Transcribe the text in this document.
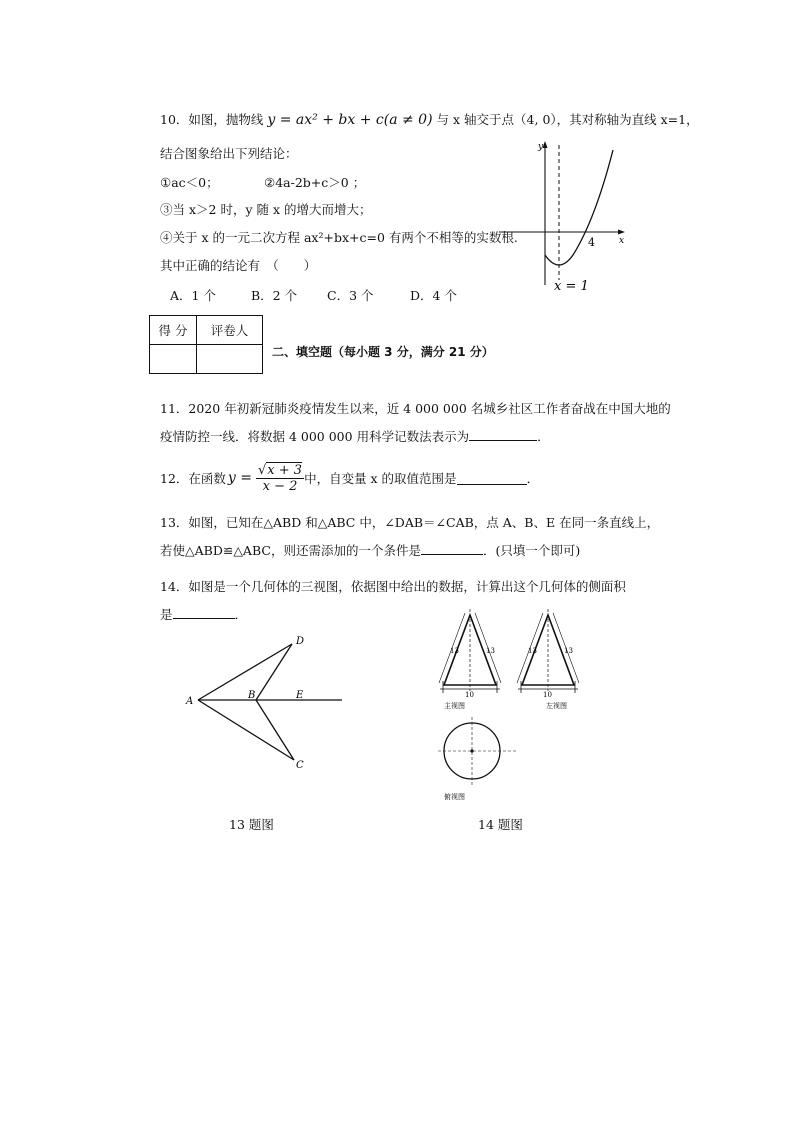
10．如图，抛物线 y = ax² + bx + c(a ≠ 0) 与 x 轴交于点（4, 0），其对称轴为直线 x=1，
结合图象给出下列结论：
①ac＜0；	②4a-2b+c＞0 ；
③当 x＞2 时，y 随 x 的增大而增大；
④关于 x 的一元二次方程 ax²+bx+c=0 有两个不相等的实数根.
其中正确的结论有　（　　）
A．1 个	B．2 个 C．3 个	D．4 个
y
x
4
x = 1
得 分	评卷人

二、填空题（每小题 3 分，满分 21 分）
11．2020 年初新冠肺炎疫情发生以来，近 4 000 000 名城乡社区工作者奋战在中国大地的
疫情防控一线．将数据 4 000 000 用科学记数法表示为	．
12．在函数 $y = \frac{√x + 3}{x - 2}$ 中，自变量 x 的取值范围是	．
13．如图，已知在△ABD 和△ABC 中，∠DAB＝∠CAB，点 A、B、E 在同一条直线上，
若使△ABD≌△ABC，则还需添加的一个条件是	．(只填一个即可)
14．如图是一个几何体的三视图，依据图中给出的数据，计算出这个几何体的侧面积
是	．
A
B
D
C
E
13 题图
13	13
10
主视图
13	13
10
左视图
俯视图
14 题图
